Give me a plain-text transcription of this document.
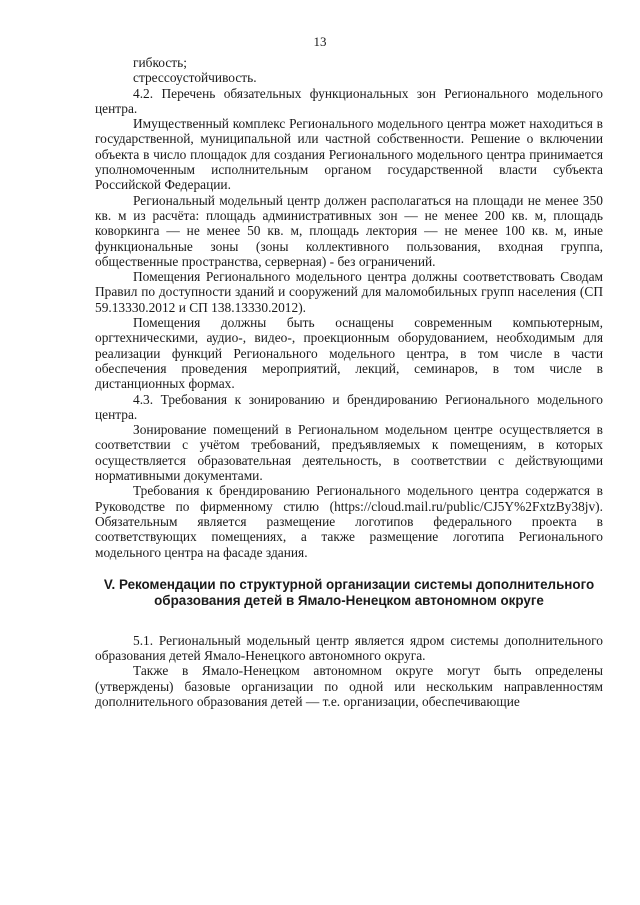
13

гибкость;

стрессоустойчивость.

4.2. Перечень обязательных функциональных зон Регионального модельного центра.

Имущественный комплекс Регионального модельного центра может находиться в государственной, муниципальной или частной собственности. Решение о включении объекта в число площадок для создания Регионального модельного центра принимается уполномоченным исполнительным органом государственной власти субъекта Российской Федерации.

Региональный модельный центр должен располагаться на площади не менее 350 кв. м из расчёта: площадь административных зон — не менее 200 кв. м, площадь коворкинга — не менее 50 кв. м, площадь лектория — не менее 100 кв. м, иные функциональные зоны (зоны коллективного пользования, входная группа, общественные пространства, серверная) - без ограничений.

Помещения Регионального модельного центра должны соответствовать Сводам Правил по доступности зданий и сооружений для маломобильных групп населения (СП 59.13330.2012 и СП 138.13330.2012).

Помещения должны быть оснащены современным компьютерным, оргтехническими, аудио-, видео-, проекционным оборудованием, необходимым для реализации функций Регионального модельного центра, в том числе в части обеспечения проведения мероприятий, лекций, семинаров, в том числе в дистанционных формах.

4.3. Требования к зонированию и брендированию Регионального модельного центра.

Зонирование помещений в Региональном модельном центре осуществляется в соответствии с учётом требований, предъявляемых к помещениям, в которых осуществляется образовательная деятельность, в соответствии с действующими нормативными документами.

Требования к брендированию Регионального модельного центра содержатся в Руководстве по фирменному стилю (https://cloud.mail.ru/public/CJ5Y%2FxtzBy38jv). Обязательным является размещение логотипов федерального проекта в соответствующих помещениях, а также размещение логотипа Регионального модельного центра на фасаде здания.

V. Рекомендации по структурной организации системы дополнительного образования детей в Ямало-Ненецком автономном округе

5.1. Региональный модельный центр является ядром системы дополнительного образования детей Ямало-Ненецкого автономного округа.

Также в Ямало-Ненецком автономном округе могут быть определены (утверждены) базовые организации по одной или нескольким направленностям дополнительного образования детей — т.е. организации, обеспечивающие
